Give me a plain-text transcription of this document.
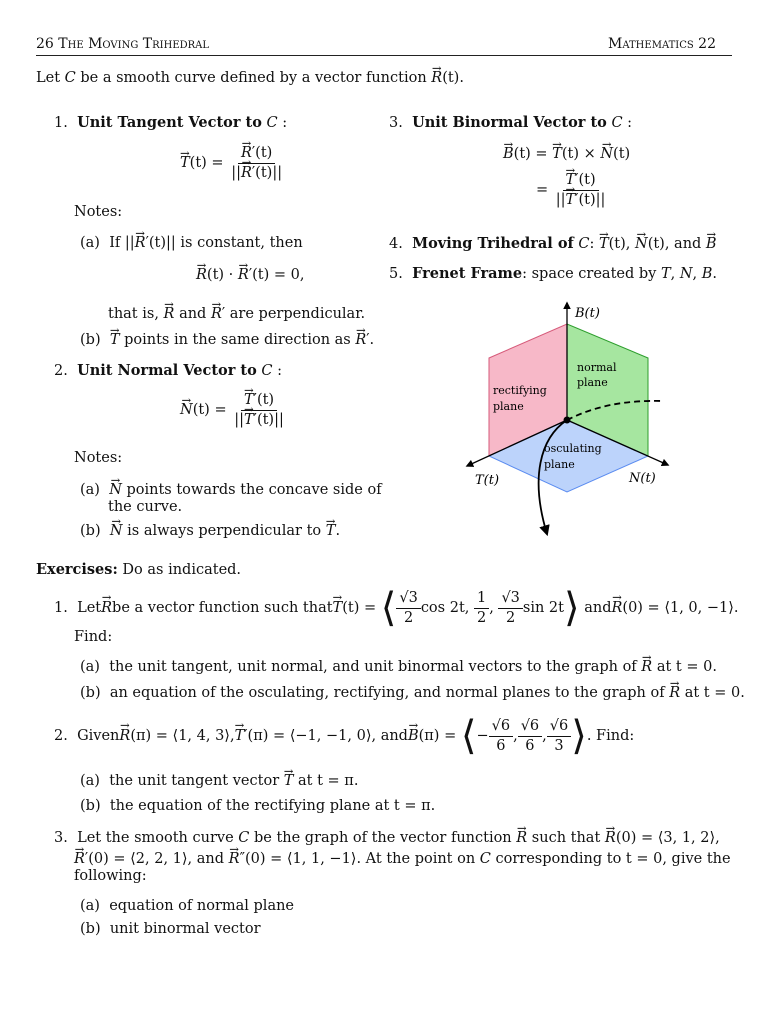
26 The Moving Trihedral	Mathematics 22
Let C be a smooth curve defined by a vector function → R(t).
1. Unit Tangent Vector to C :
→ T(t) = → $\frac{R'(t)}{||\to R'(t)||}$
Notes:
(a) If ||→ R′(t)|| is constant, then
→ R(t) · → R′(t) = 0,
that is, → R and → R′ are perpendicular.
(b) → T points in the same direction as → R′.
2. Unit Normal Vector to C :
→ N(t) = → $\frac{T'(t)}{||\to T'(t)||}$
Notes:
(a) → N points towards the concave side of
the curve.
(b) → N is always perpendicular to → T.
3. Unit Binormal Vector to C :
→ B(t) = → T(t) × → N(t)
= → $\frac{T'(t)}{||\to T'(t)||}$
4. Moving Trihedral of C: → T(t), → N(t), and → B
5. Frenet Frame: space created by T, N, B.
B(t)
T(t)	N(t)
rectifying
plane
normal
plane
osculating
plane
Exercises: Do as indicated.
1.
Let → R be a vector function such that → T (t) =
⟨ $\frac{√3}{2}$ cos 2t,
$\frac{1}{2}$ ,
$\frac{√3}{2}$ sin 2t ⟩
and → R (0) = ⟨1, 0, −1⟩.
Find:
(a) the unit tangent, unit normal, and unit binormal vectors to the graph of → R at t = 0.
(b) an equation of the osculating, rectifying, and normal planes to the graph of → R at t = 0.
2.
Given → R (π) = ⟨1, 4, 3⟩, → T ′(π) = ⟨−1, −1, 0⟩, and → B (π) =
⟨ − $\frac{√6}{6}$ , $\frac{√6}{6}$ , $\frac{√6}{3}$ ⟩ . Find:
(a) the unit tangent vector → T at t = π.
(b) the equation of the rectifying plane at t = π.
3. Let the smooth curve C be the graph of the vector function → R such that → R(0) = ⟨3, 1, 2⟩,
→ R′(0) = ⟨2, 2, 1⟩, and → R″(0) = ⟨1, 1, −1⟩. At the point on C corresponding to t = 0, give the
following:
(a) equation of normal plane
(b) unit binormal vector
